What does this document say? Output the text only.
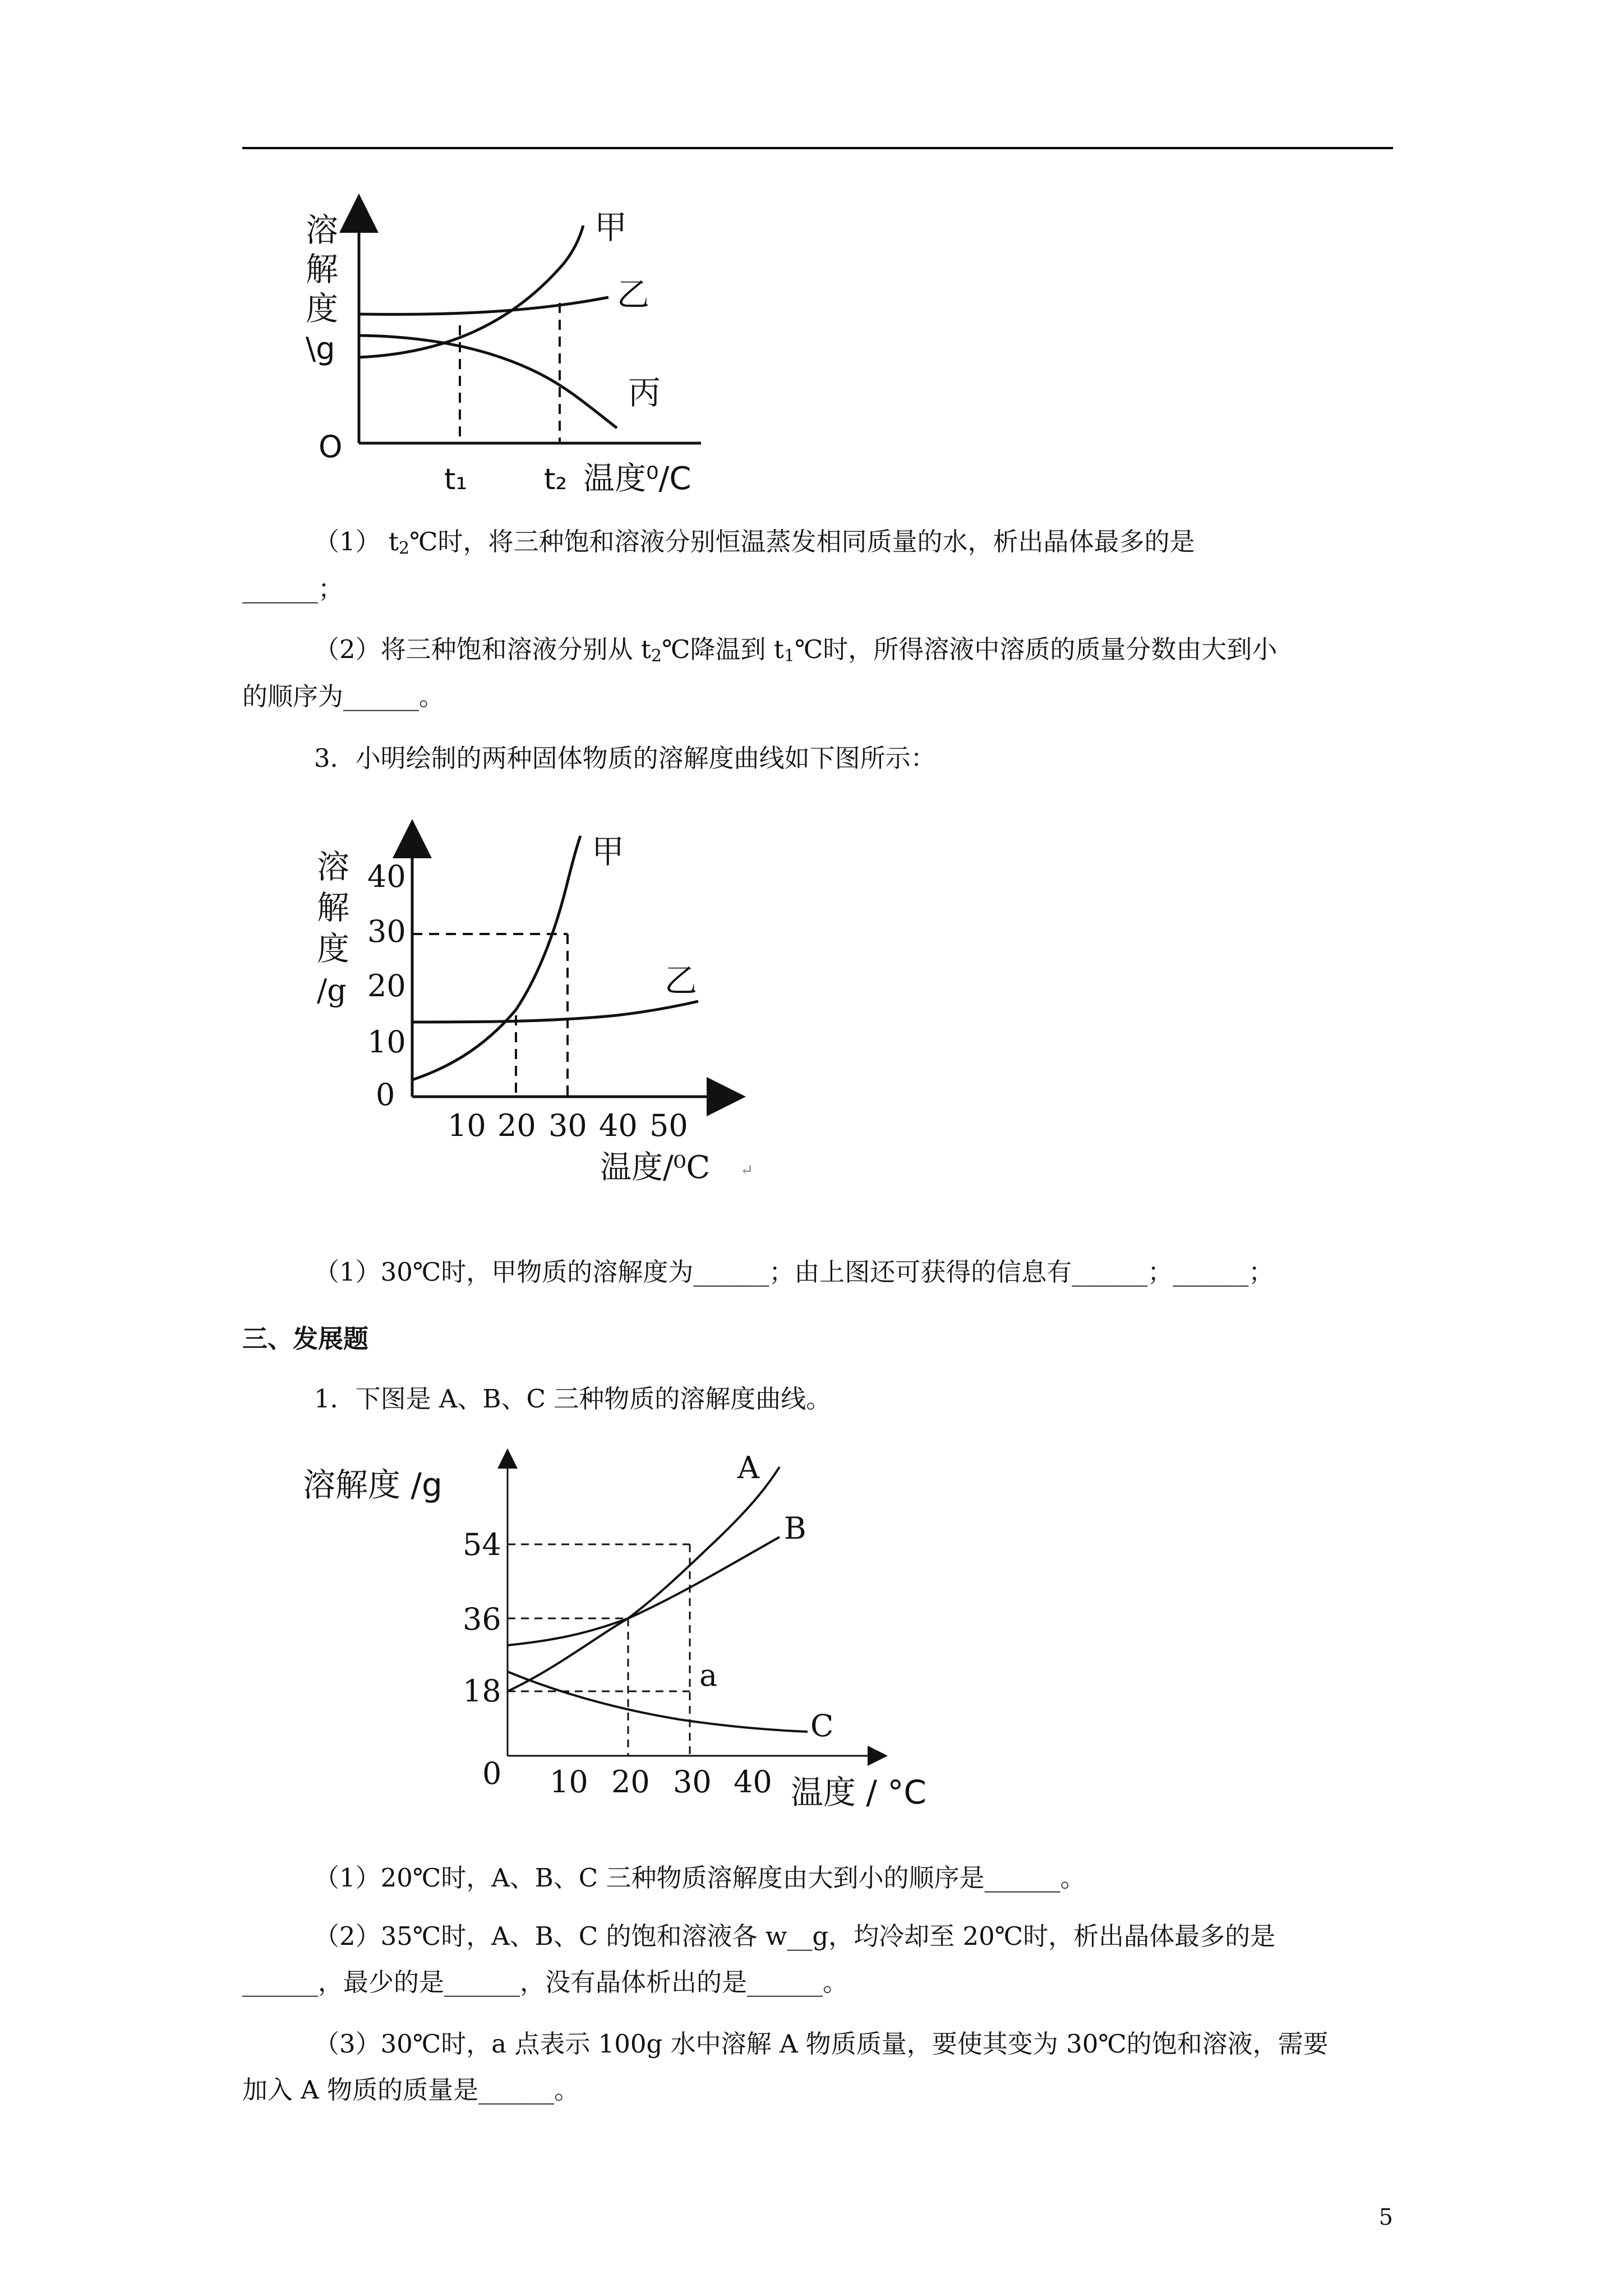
溶
解
度
\g
O
甲
乙
丙
t₁	t₂ 温度⁰/C

（1） $t_2℃$时，将三种饱和溶液分别恒温蒸发相同质量的水，析出晶体最多的是

______；

（2）将三种饱和溶液分别从 $t_2℃$降温到 $t_1℃$时，所得溶液中溶质的质量分数由大到小

的顺序为______。

3．小明绘制的两种固体物质的溶解度曲线如下图所示：

溶
解
度
/g
0
10
20
30
40
甲
乙
10 20 30 40 50
温度/⁰C ↵

（1）30℃时，甲物质的溶解度为______；由上图还可获得的信息有______；______；

三、发展题

1．下图是 A、B、C 三种物质的溶解度曲线。

溶解度 /g
54
36
18	a
A
B
C
0 10 20 30 40 温度 / °C

（1）20℃时，A、B、C 三种物质溶解度由大到小的顺序是______。

（2）35℃时，A、B、C 的饱和溶液各 w__g，均冷却至 20℃时，析出晶体最多的是

______，最少的是______，没有晶体析出的是______。

（3）30℃时，a 点表示 100g 水中溶解 A 物质质量，要使其变为 30℃的饱和溶液，需要

加入 A 物质的质量是______。

5
